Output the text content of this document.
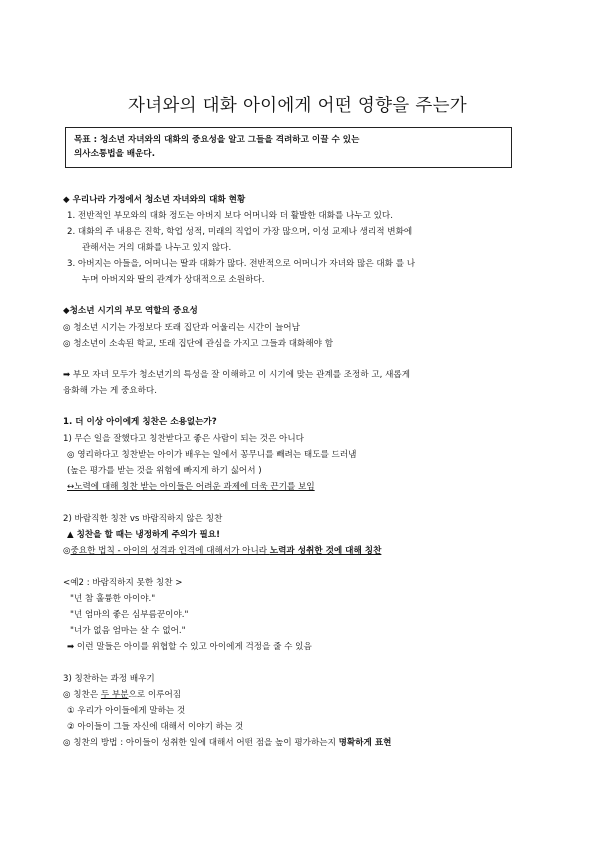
자녀와의 대화 아이에게 어떤 영향을 주는가
목표 : 청소년 자녀와의 대화의 중요성을 알고 그들을 격려하고 이끌 수 있는
의사소통법을 배운다.
◆ 우리나라 가정에서 청소년 자녀와의 대화 현황
1. 전반적인 부모와의 대화 정도는 아버지 보다 어머니와 더 활발한 대화를 나누고 있다.
2. 대화의 주 내용은 진학, 학업 성적, 미래의 직업이 가장 많으며, 이성 교제나 생리적 변화에
관해서는 거의 대화를 나누고 있지 않다.
3. 아버지는 아들을, 어머니는 딸과 대화가 많다. 전반적으로 어머니가 자녀와 많은 대화 를 나
누며 아버지와 딸의 관계가 상대적으로 소원하다.
◆청소년 시기의 부모 역할의 중요성
◎ 청소년 시기는 가정보다 또래 집단과 어울리는 시간이 늘어남
◎ 청소년이 소속된 학교, 또래 집단에 관심을 가지고 그들과 대화해야 함
➡ 부모 자녀 모두가 청소년기의 특성을 잘 이해하고 이 시기에 맞는 관계를 조정하 고, 새롭게
융화해 가는 게 중요하다.
1. 더 이상 아이에게 칭찬은 소용없는가?
1) 무슨 일을 잘했다고 칭찬받다고 좋은 사람이 되는 것은 아니다
◎ 영리하다고 칭찬받는 아이가 배우는 일에서 꽁무니를 빼려는 태도를 드러냄
(높은 평가를 받는 것을 위험에 빠지게 하기 싫어서 )
↔노력에 대해 칭찬 받는 아이들은 어려운 과제에 더욱 끈기를 보임
2) 바람직한 칭찬 vs 바람직하지 않은 칭찬
▲ 칭찬을 할 때는 냉정하게 주의가 필요!
◎중요한 법칙 - 아이의 성격과 인격에 대해서가 아니라 노력과 성취한 것에 대해 칭찬
<예2 : 바람직하지 못한 칭찬 >
"넌 참 훌륭한 아이야."
"넌 엄마의 좋은 심부름꾼이야."
"너가 없음 엄마는 살 수 없어."
➡ 이런 말들은 아이를 위협할 수 있고 아이에게 걱정을 줄 수 있음
3) 칭찬하는 과정 배우기
◎ 칭찬은 두 부분으로 이루어짐
① 우리가 아이들에게 말하는 것
② 아이들이 그들 자신에 대해서 이야기 하는 것
◎ 칭찬의 방법 : 아이들이 성취한 일에 대해서 어떤 점을 높이 평가하는지 명확하게 표현
